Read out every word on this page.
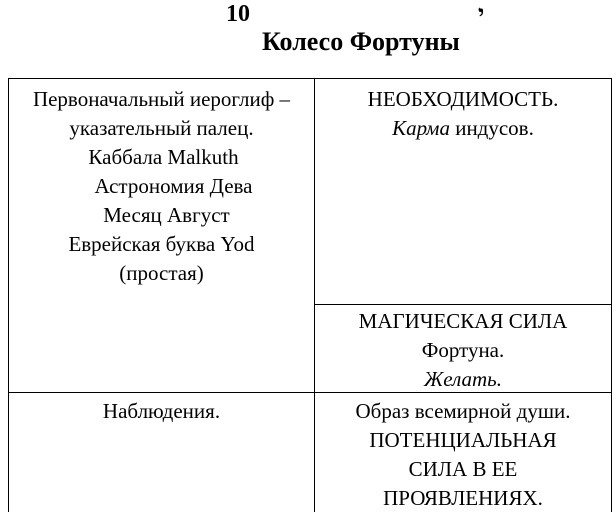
10	י
Колесо Фортуны
Первоначальный иероглиф –
указательный палец.
Каббала Malkuth
Астрономия Дева
Месяц Август
Еврейская буква Yod
(простая)
НЕОБХОДИМОСТЬ.
Карма индусов.
МАГИЧЕСКАЯ СИЛА
Фортуна.
Желать.
Наблюдения.	Образ всемирной души.
ПОТЕНЦИАЛЬНАЯ
СИЛА В ЕЕ
ПРОЯВЛЕНИЯХ.
